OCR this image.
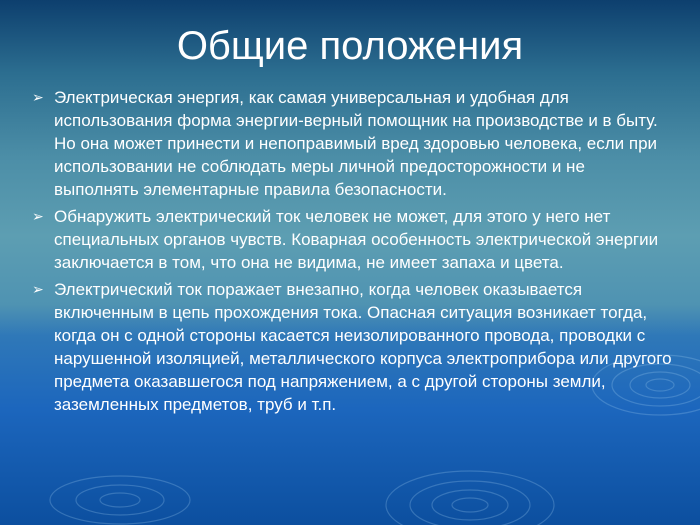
Общие положения
➢ Электрическая энергия, как самая универсальная и удобная для использования форма энергии-верный помощник на производстве и в быту. Но она может принести и непоправимый вред здоровью человека, если при использовании не соблюдать меры личной предосторожности и не выполнять элементарные правила безопасности.
➢ Обнаружить электрический ток человек не может, для этого у него нет специальных органов чувств. Коварная особенность электрической энергии заключается в том, что она не видима, не имеет запаха и цвета.
➢ Электрический ток поражает внезапно, когда человек оказывается включенным в цепь прохождения тока. Опасная ситуация возникает тогда, когда он с одной стороны касается неизолированного провода, проводки с нарушенной изоляцией, металлического корпуса электроприбора или другого предмета оказавшегося под напряжением, а с другой стороны земли, заземленных предметов, труб и т.п.
